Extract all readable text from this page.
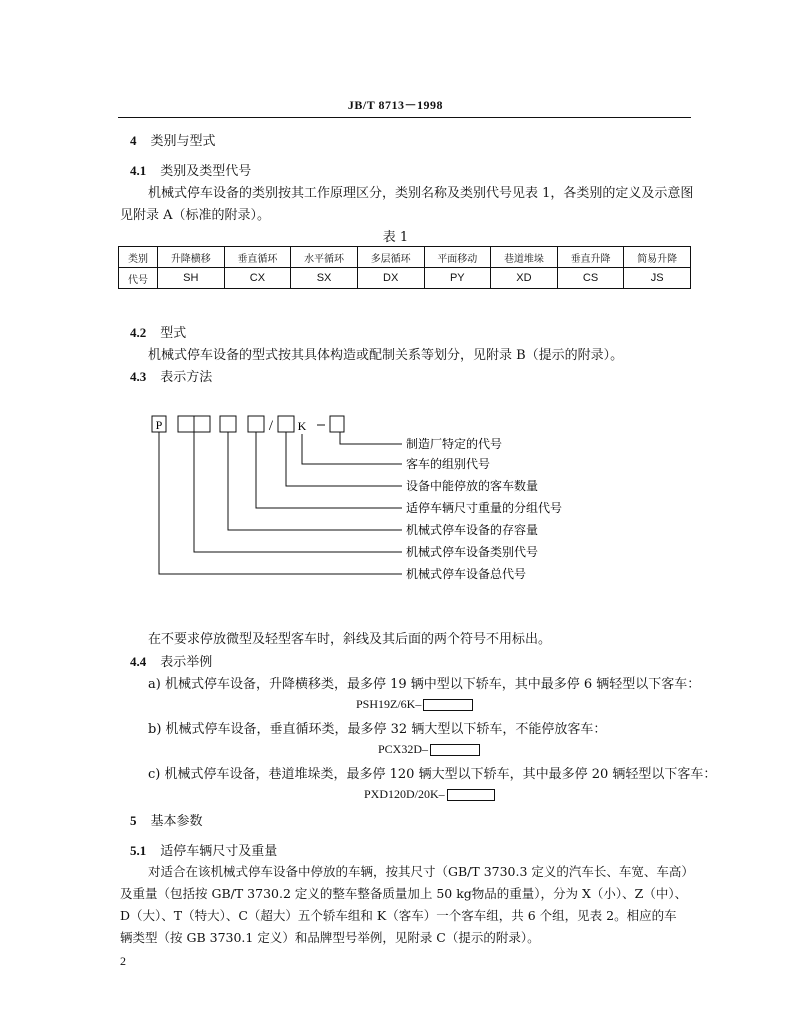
JB/T 8713－1998
4 类别与型式
4.1 类别及类型代号
机械式停车设备的类别按其工作原理区分，类别名称及类别代号见表 1，各类别的定义及示意图
见附录 A（标准的附录）。
表 1
类别	升降横移	垂直循环	水平循环	多层循环	平面移动	巷道堆垛	垂直升降	简易升降
代号	SH	CX	SX	DX	PY	XD	CS	JS
4.2 型式
机械式停车设备的型式按其具体构造或配制关系等划分，见附录 B（提示的附录）。
4.3 表示方法
P	/ K
制造厂特定的代号
客车的组别代号
设备中能停放的客车数量
适停车辆尺寸重量的分组代号
机械式停车设备的存容量
机械式停车设备类别代号
机械式停车设备总代号
在不要求停放微型及轻型客车时，斜线及其后面的两个符号不用标出。
4.4 表示举例
a) 机械式停车设备，升降横移类，最多停 19 辆中型以下轿车，其中最多停 6 辆轻型以下客车：
PSH19Z/6K–
b) 机械式停车设备，垂直循环类，最多停 32 辆大型以下轿车，不能停放客车：
PCX32D–
c) 机械式停车设备，巷道堆垛类，最多停 120 辆大型以下轿车，其中最多停 20 辆轻型以下客车：
PXD120D/20K–
5 基本参数
5.1 适停车辆尺寸及重量
对适合在该机械式停车设备中停放的车辆，按其尺寸（GB/T 3730.3 定义的汽车长、车宽、车高）
及重量（包括按 GB/T 3730.2 定义的整车整备质量加上 50 kg物品的重量），分为 X（小）、Z（中）、
D（大）、T（特大）、C（超大）五个轿车组和 K（客车）一个客车组，共 6 个组，见表 2。相应的车
辆类型（按 GB 3730.1 定义）和品牌型号举例，见附录 C（提示的附录）。
2
